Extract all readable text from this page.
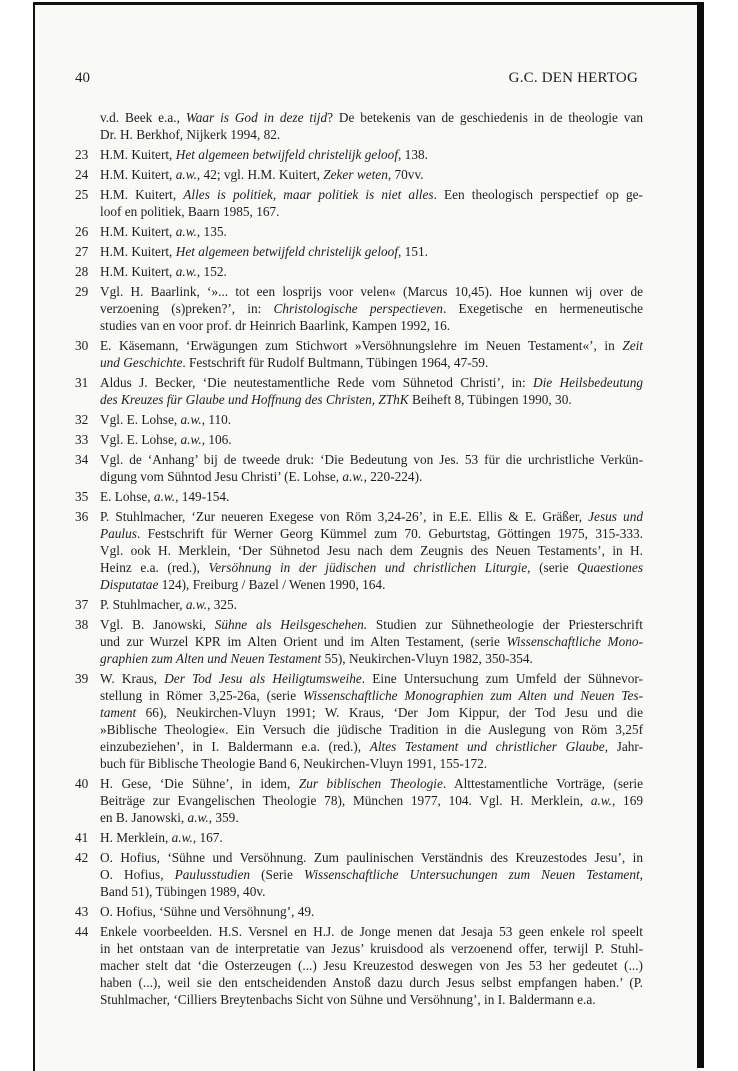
40	G.C. DEN HERTOG
v.d. Beek e.a., Waar is God in deze tijd? De betekenis van de geschiedenis in de theologie van
Dr. H. Berkhof, Nijkerk 1994, 82.
23 H.M. Kuitert, Het algemeen betwijfeld christelijk geloof, 138.
24 H.M. Kuitert, a.w., 42; vgl. H.M. Kuitert, Zeker weten, 70vv.
25 H.M. Kuitert, Alles is politiek, maar politiek is niet alles. Een theologisch perspectief op ge-
loof en politiek, Baarn 1985, 167.
26 H.M. Kuitert, a.w., 135.
27 H.M. Kuitert, Het algemeen betwijfeld christelijk geloof, 151.
28 H.M. Kuitert, a.w., 152.
29 Vgl. H. Baarlink, ‘»... tot een losprijs voor velen« (Marcus 10,45). Hoe kunnen wij over de
verzoening (s)preken?’, in: Christologische perspectieven. Exegetische en hermeneutische
studies van en voor prof. dr Heinrich Baarlink, Kampen 1992, 16.
30 E. Käsemann, ‘Erwägungen zum Stichwort »Versöhnungslehre im Neuen Testament«’, in Zeit
und Geschichte. Festschrift für Rudolf Bultmann, Tübingen 1964, 47-59.
31 Aldus J. Becker, ‘Die neutestamentliche Rede vom Sühnetod Christi’, in: Die Heilsbedeutung
des Kreuzes für Glaube und Hoffnung des Christen, ZThK Beiheft 8, Tübingen 1990, 30.
32 Vgl. E. Lohse, a.w., 110.
33 Vgl. E. Lohse, a.w., 106.
34 Vgl. de ‘Anhang’ bij de tweede druk: ‘Die Bedeutung von Jes. 53 für die urchristliche Verkün-
digung vom Sühntod Jesu Christi’ (E. Lohse, a.w., 220-224).
35 E. Lohse, a.w., 149-154.
36 P. Stuhlmacher, ‘Zur neueren Exegese von Röm 3,24-26’, in E.E. Ellis & E. Gräßer, Jesus und
Paulus. Festschrift für Werner Georg Kümmel zum 70. Geburtstag, Göttingen 1975, 315-333.
Vgl. ook H. Merklein, ‘Der Sühnetod Jesu nach dem Zeugnis des Neuen Testaments’, in H.
Heinz e.a. (red.), Versöhnung in der jüdischen und christlichen Liturgie, (serie Quaestiones
Disputatae 124), Freiburg / Bazel / Wenen 1990, 164.
37 P. Stuhlmacher, a.w., 325.
38 Vgl. B. Janowski, Sühne als Heilsgeschehen. Studien zur Sühnetheologie der Priesterschrift
und zur Wurzel KPR im Alten Orient und im Alten Testament, (serie Wissenschaftliche Mono-
graphien zum Alten und Neuen Testament 55), Neukirchen-Vluyn 1982, 350-354.
39 W. Kraus, Der Tod Jesu als Heiligtumsweihe. Eine Untersuchung zum Umfeld der Sühnevor-
stellung in Römer 3,25-26a, (serie Wissenschaftliche Monographien zum Alten und Neuen Tes-
tament 66), Neukirchen-Vluyn 1991; W. Kraus, ‘Der Jom Kippur, der Tod Jesu und die
»Biblische Theologie«. Ein Versuch die jüdische Tradition in die Auslegung von Röm 3,25f
einzubeziehen’, in I. Baldermann e.a. (red.), Altes Testament und christlicher Glaube, Jahr-
buch für Biblische Theologie Band 6, Neukirchen-Vluyn 1991, 155-172.
40 H. Gese, ‘Die Sühne’, in idem, Zur biblischen Theologie. Alttestamentliche Vorträge, (serie
Beiträge zur Evangelischen Theologie 78), München 1977, 104. Vgl. H. Merklein, a.w., 169
en B. Janowski, a.w., 359.
41 H. Merklein, a.w., 167.
42 O. Hofius, ‘Sühne und Versöhnung. Zum paulinischen Verständnis des Kreuzestodes Jesu’, in
O. Hofius, Paulusstudien (Serie Wissenschaftliche Untersuchungen zum Neuen Testament,
Band 51), Tübingen 1989, 40v.
43 O. Hofius, ‘Sühne und Versöhnung’, 49.
44 Enkele voorbeelden. H.S. Versnel en H.J. de Jonge menen dat Jesaja 53 geen enkele rol speelt
in het ontstaan van de interpretatie van Jezus’ kruisdood als verzoenend offer, terwijl P. Stuhl-
macher stelt dat ‘die Osterzeugen (...) Jesu Kreuzestod deswegen von Jes 53 her gedeutet (...)
haben (...), weil sie den entscheidenden Anstoß dazu durch Jesus selbst empfangen haben.’ (P.
Stuhlmacher, ‘Cilliers Breytenbachs Sicht von Sühne und Versöhnung’, in I. Baldermann e.a.
